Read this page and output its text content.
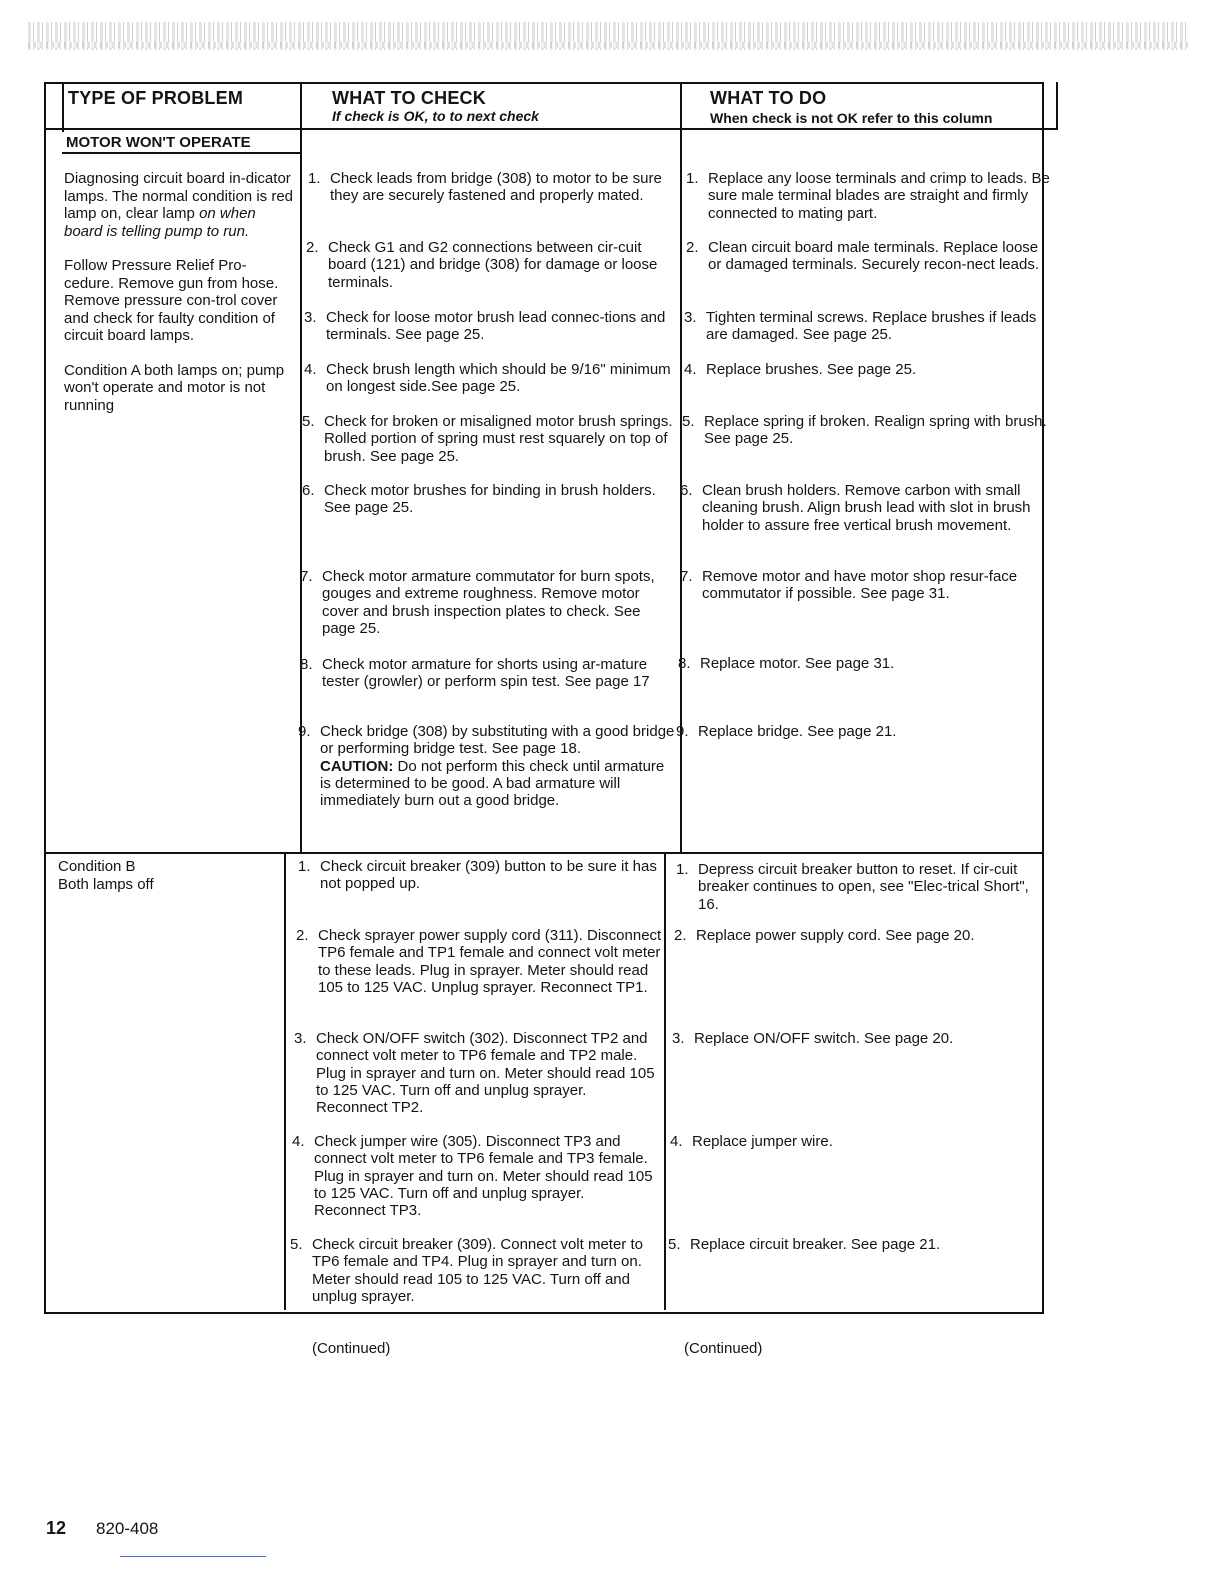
TYPE OF PROBLEM	WHAT TO CHECK
If check is OK, to to next check
WHAT TO DO
When check is not OK refer to this column
MOTOR WON'T OPERATE

Diagnosing circuit board in-dicator lamps. The normal condition is red lamp on, clear lamp on when board is telling pump to run.

Follow Pressure Relief Pro-cedure. Remove gun from hose. Remove pressure con-trol cover and check for faulty condition of circuit board lamps.

Condition A both lamps on; pump won't operate and motor is not running

Condition B
Both lamps off
1. Check leads from bridge (308) to motor to be sure they are securely fastened and properly mated.
2. Check G1 and G2 connections between cir-cuit board (121) and bridge (308) for damage or loose terminals.
3. Check for loose motor brush lead connec-tions and terminals. See page 25.
4. Check brush length which should be 9/16" minimum on longest side.See page 25.
5. Check for broken or misaligned motor brush springs. Rolled portion of spring must rest squarely on top of brush. See page 25.
6. Check motor brushes for binding in brush holders. See page 25.
7. Check motor armature commutator for burn spots, gouges and extreme roughness. Remove motor cover and brush inspection plates to check. See page 25.
8. Check motor armature for shorts using ar-mature tester (growler) or perform spin test. See page 17
9. Check bridge (308) by substituting with a good bridge or performing bridge test. See page 18.
CAUTION: Do not perform this check until armature is determined to be good. A bad armature will immediately burn out a good bridge.
1. Replace any loose terminals and crimp to leads. Be sure male terminal blades are straight and firmly connected to mating part.
2. Clean circuit board male terminals. Replace loose or damaged terminals. Securely recon-nect leads.
3. Tighten terminal screws. Replace brushes if leads are damaged. See page 25.
4. Replace brushes. See page 25.
5. Replace spring if broken. Realign spring with brush. See page 25.
6. Clean brush holders. Remove carbon with small cleaning brush. Align brush lead with slot in brush holder to assure free vertical brush movement.
7. Remove motor and have motor shop resur-face commutator if possible. See page 31.
8. Replace motor. See page 31.
9. Replace bridge. See page 21.
1. Check circuit breaker (309) button to be sure it has not popped up.
2. Check sprayer power supply cord (311). Disconnect TP6 female and TP1 female and connect volt meter to these leads. Plug in sprayer. Meter should read 105 to 125 VAC. Unplug sprayer. Reconnect TP1.
3. Check ON/OFF switch (302). Disconnect TP2 and connect volt meter to TP6 female and TP2 male. Plug in sprayer and turn on. Meter should read 105 to 125 VAC. Turn off and unplug sprayer. Reconnect TP2.
4. Check jumper wire (305). Disconnect TP3 and connect volt meter to TP6 female and TP3 female. Plug in sprayer and turn on. Meter should read 105 to 125 VAC. Turn off and unplug sprayer. Reconnect TP3.
5. Check circuit breaker (309). Connect volt meter to TP6 female and TP4. Plug in sprayer and turn on. Meter should read 105 to 125 VAC. Turn off and unplug sprayer.
1. Depress circuit breaker button to reset. If cir-cuit breaker continues to open, see "Elec-trical Short", 16.
2. Replace power supply cord. See page 20.
3. Replace ON/OFF switch. See page 20.
4. Replace jumper wire.
5. Replace circuit breaker. See page 21.
(Continued)	(Continued)
12 820-408
